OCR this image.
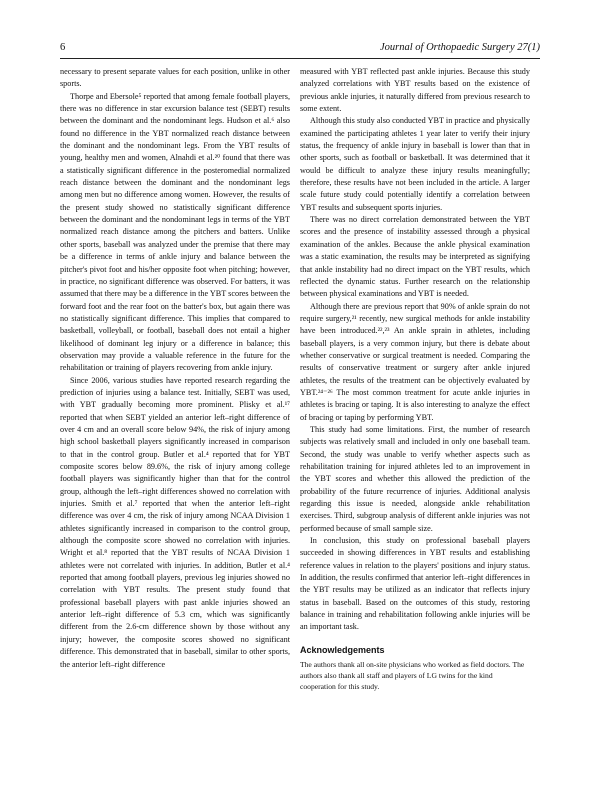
6	Journal of Orthopaedic Surgery 27(1)

necessary to present separate values for each position, unlike in other sports.

Thorpe and Ebersole⁵ reported that among female football players, there was no difference in star excursion balance test (SEBT) results between the dominant and the nondominant legs. Hudson et al.⁶ also found no difference in the YBT normalized reach distance between the dominant and the nondominant legs. From the YBT results of young, healthy men and women, Alnahdi et al.²⁰ found that there was a statistically significant difference in the posteromedial normalized reach distance between the dominant and the nondominant legs among men but no difference among women. However, the results of the present study showed no statistically significant difference between the dominant and the nondominant legs in terms of the YBT normalized reach distance among the pitchers and batters. Unlike other sports, baseball was analyzed under the premise that there may be a difference in terms of ankle injury and balance between the pitcher's pivot foot and his/her opposite foot when pitching; however, in practice, no significant difference was observed. For batters, it was assumed that there may be a difference in the YBT scores between the forward foot and the rear foot on the batter's box, but again there was no statistically significant difference. This implies that compared to basketball, volleyball, or football, baseball does not entail a higher likelihood of dominant leg injury or a difference in balance; this observation may provide a valuable reference in the future for the rehabilitation or training of players recovering from ankle injury.

Since 2006, various studies have reported research regarding the prediction of injuries using a balance test. Initially, SEBT was used, with YBT gradually becoming more prominent. Plisky et al.¹⁷ reported that when SEBT yielded an anterior left–right difference of over 4 cm and an overall score below 94%, the risk of injury among high school basketball players significantly increased in comparison to that in the control group. Butler et al.⁴ reported that for YBT composite scores below 89.6%, the risk of injury among college football players was significantly higher than that for the control group, although the left–right differences showed no correlation with injuries. Smith et al.⁷ reported that when the anterior left–right difference was over 4 cm, the risk of injury among NCAA Division 1 athletes significantly increased in comparison to the control group, although the composite score showed no correlation with injuries. Wright et al.⁸ reported that the YBT results of NCAA Division 1 athletes were not correlated with injuries. In addition, Butler et al.⁴ reported that among football players, previous leg injuries showed no correlation with YBT results. The present study found that professional baseball players with past ankle injuries showed an anterior left–right difference of 5.3 cm, which was significantly different from the 2.6-cm difference shown by those without any injury; however, the composite scores showed no significant difference. This demonstrated that in baseball, similar to other sports, the anterior left–right difference

measured with YBT reflected past ankle injuries. Because this study analyzed correlations with YBT results based on the existence of previous ankle injuries, it naturally differed from previous research to some extent.

Although this study also conducted YBT in practice and physically examined the participating athletes 1 year later to verify their injury status, the frequency of ankle injury in baseball is lower than that in other sports, such as football or basketball. It was determined that it would be difficult to analyze these injury results meaningfully; therefore, these results have not been included in the article. A larger scale future study could potentially identify a correlation between YBT results and subsequent sports injuries.

There was no direct correlation demonstrated between the YBT scores and the presence of instability assessed through a physical examination of the ankles. Because the ankle physical examination was a static examination, the results may be interpreted as signifying that ankle instability had no direct impact on the YBT results, which reflected the dynamic status. Further research on the relationship between physical examinations and YBT is needed.

Although there are previous report that 90% of ankle sprain do not require surgery,²¹ recently, new surgical methods for ankle instability have been introduced.²²,²³ An ankle sprain in athletes, including baseball players, is a very common injury, but there is debate about whether conservative or surgical treatment is needed. Comparing the results of conservative treatment or surgery after ankle injured athletes, the results of the treatment can be objectively evaluated by YBT.²⁴⁻²⁶ The most common treatment for acute ankle injuries in athletes is bracing or taping. It is also interesting to analyze the effect of bracing or taping by performing YBT.

This study had some limitations. First, the number of research subjects was relatively small and included in only one baseball team. Second, the study was unable to verify whether aspects such as rehabilitation training for injured athletes led to an improvement in the YBT scores and whether this allowed the prediction of the probability of the future recurrence of injuries. Additional analysis regarding this issue is needed, alongside ankle rehabilitation exercises. Third, subgroup analysis of different ankle injuries was not performed because of small sample size.

In conclusion, this study on professional baseball players succeeded in showing differences in YBT results and establishing reference values in relation to the players' positions and injury status. In addition, the results confirmed that anterior left–right differences in the YBT results may be utilized as an indicator that reflects injury status in baseball. Based on the outcomes of this study, restoring balance in training and rehabilitation following ankle injuries will be an important task.

Acknowledgements

The authors thank all on-site physicians who worked as field doctors. The authors also thank all staff and players of LG twins for the kind cooperation for this study.
